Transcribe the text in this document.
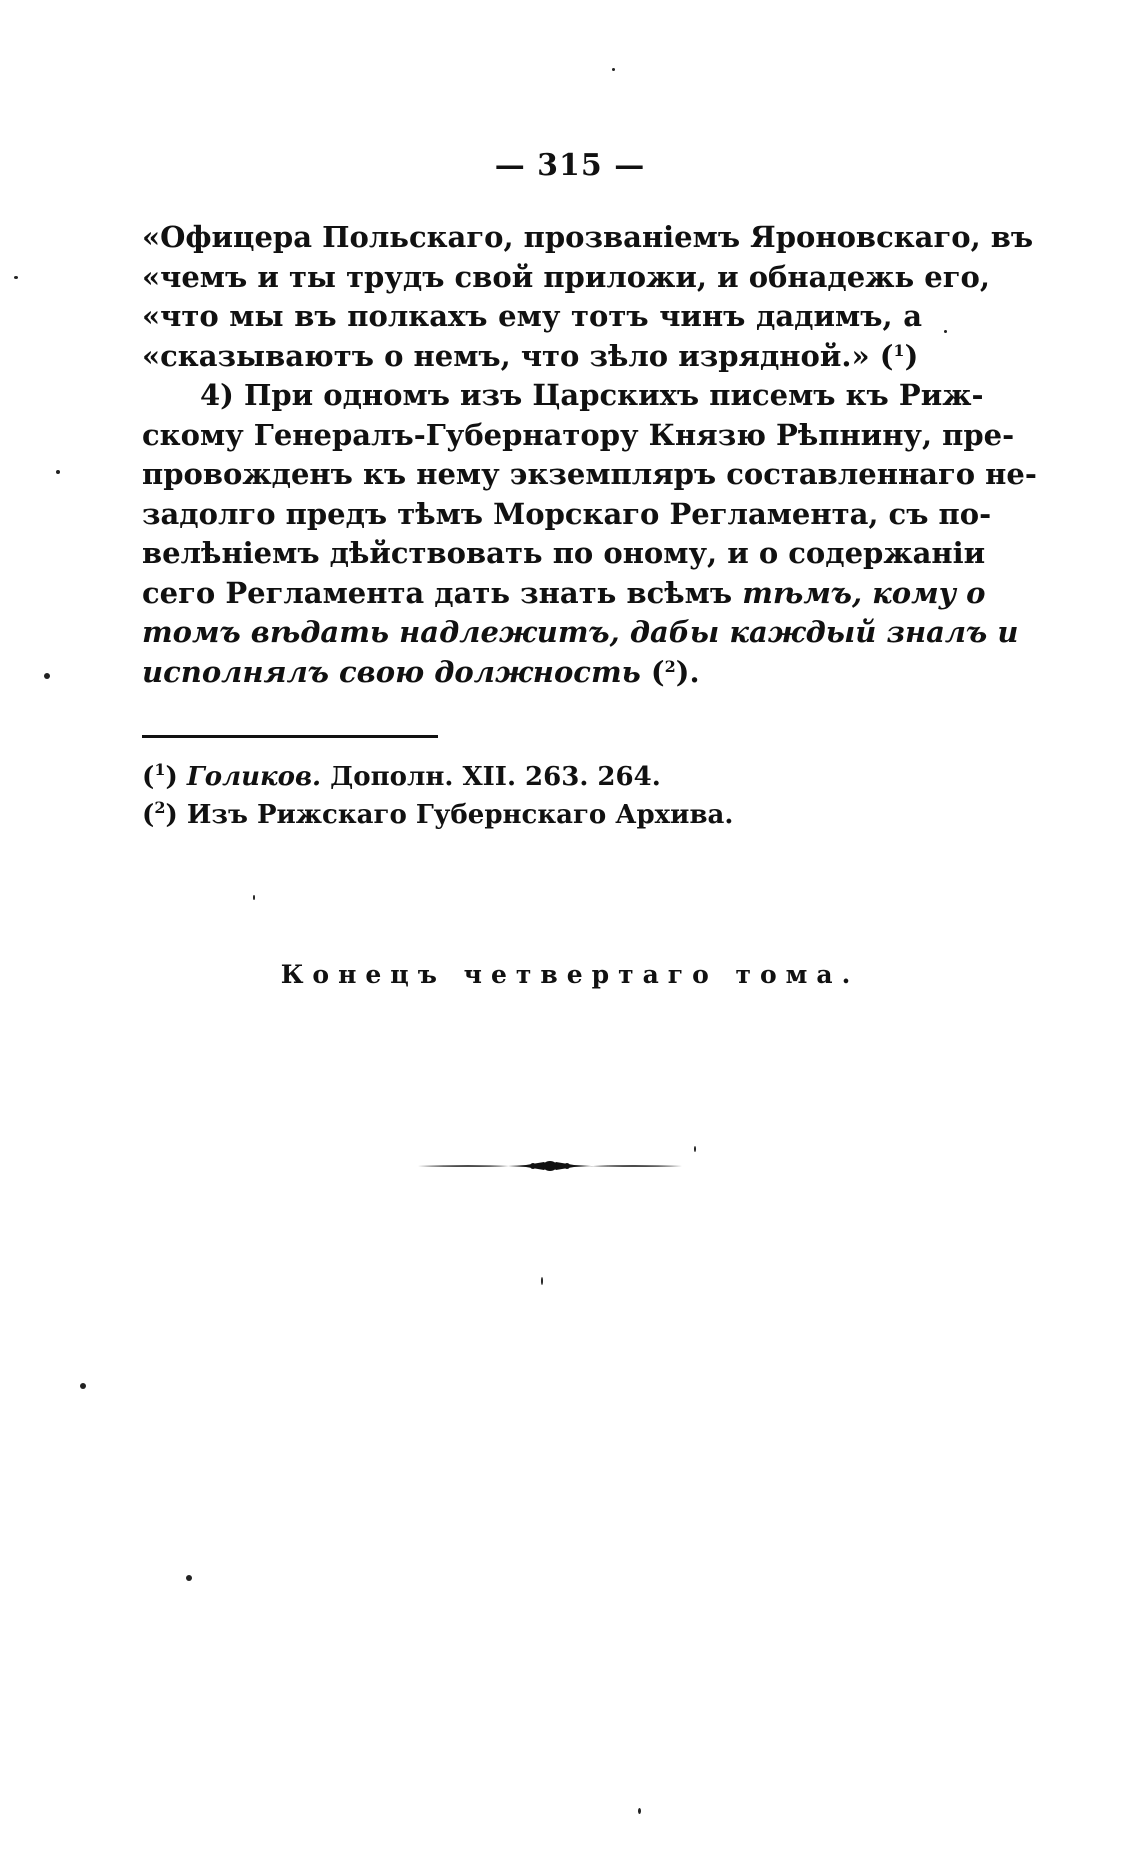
— 315 —
«Офицера Польскаго, прозваніемъ Яроновскаго, въ
«чемъ и ты трудъ свой приложи, и обнадежь его,
«что мы въ полкахъ ему тотъ чинъ дадимъ, а
«сказываютъ о немъ, что зѣло изрядной.» ($^1$)
4) При одномъ изъ Царскихъ писемъ къ Риж-
скому Генералъ-Губернатору Князю Рѣпнину, пре-
провожденъ къ нему экземпляръ составленнаго не-
задолго предъ тѣмъ Морскаго Регламента, съ по-
велѣніемъ дѣйствовать по оному, и о содержаніи
сего Регламента дать знать всѣмъ тѣмъ, кому о
томъ вѣдать надлежитъ, дабы каждый зналъ и
исполнялъ свою должность ($^2$).
($^1$) Голиков. Дополн. XII. 263. 264.
($^2$) Изъ Рижскаго Губернскаго Архива.
Конецъ четвертаго тома.
